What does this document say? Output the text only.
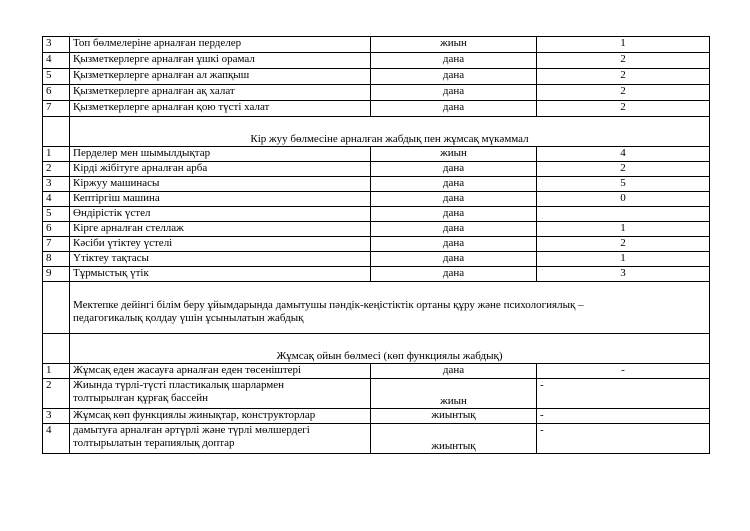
3	Топ бөлмелеріне арналған перделер	жиын	1
4	Қызметкерлерге арналған ұшкі орамал	дана	2
5	Қызметкерлерге арналған ал жапқыш	дана	2
6	Қызметкерлерге арналған ақ халат	дана	2
7	Қызметкерлерге арналған қою түсті халат	дана	2
	Кір жуу бөлмесіне арналған жабдық пен жұмсақ мүкәммал		
1	Перделер мен шымылдықтар	жиын	4
2	Кірді жібітуге арналған арба	дана	2
3	Кіржуу машинасы	дана	5
4	Кептіргіш машина	дана	0
5	Өндірістік үстел	дана	
6	Кірге арналған стеллаж	дана	1
7	Кәсіби үтіктеу үстелі	дана	2
8	Үтіктеу тақтасы	дана	1
9	Тұрмыстық үтік	дана	3

	Мектепке дейінгі білім беру ұйымдарында дамытушы пәндік-кеңістіктік ортаны құру және психологиялық –
педагогикалық қолдау үшін ұсынылатын жабдық		

	Жұмсақ ойын бөлмесі (көп функциялы жабдық)		
1	Жұмсақ еден жасауға арналған еден төсеніштері	дана	-
2	Жиында түрлі-түсті пластикалық шарлармен
толтырылған құрғақ бассейн	жиын	-
3	Жұмсақ көп функциялы жинықтар, конструкторлар	жиынтық	-
4	дамытуға арналған әртүрлі және түрлі мөлшердегі
толтырылатын терапиялық доптар	жиынтық	-
